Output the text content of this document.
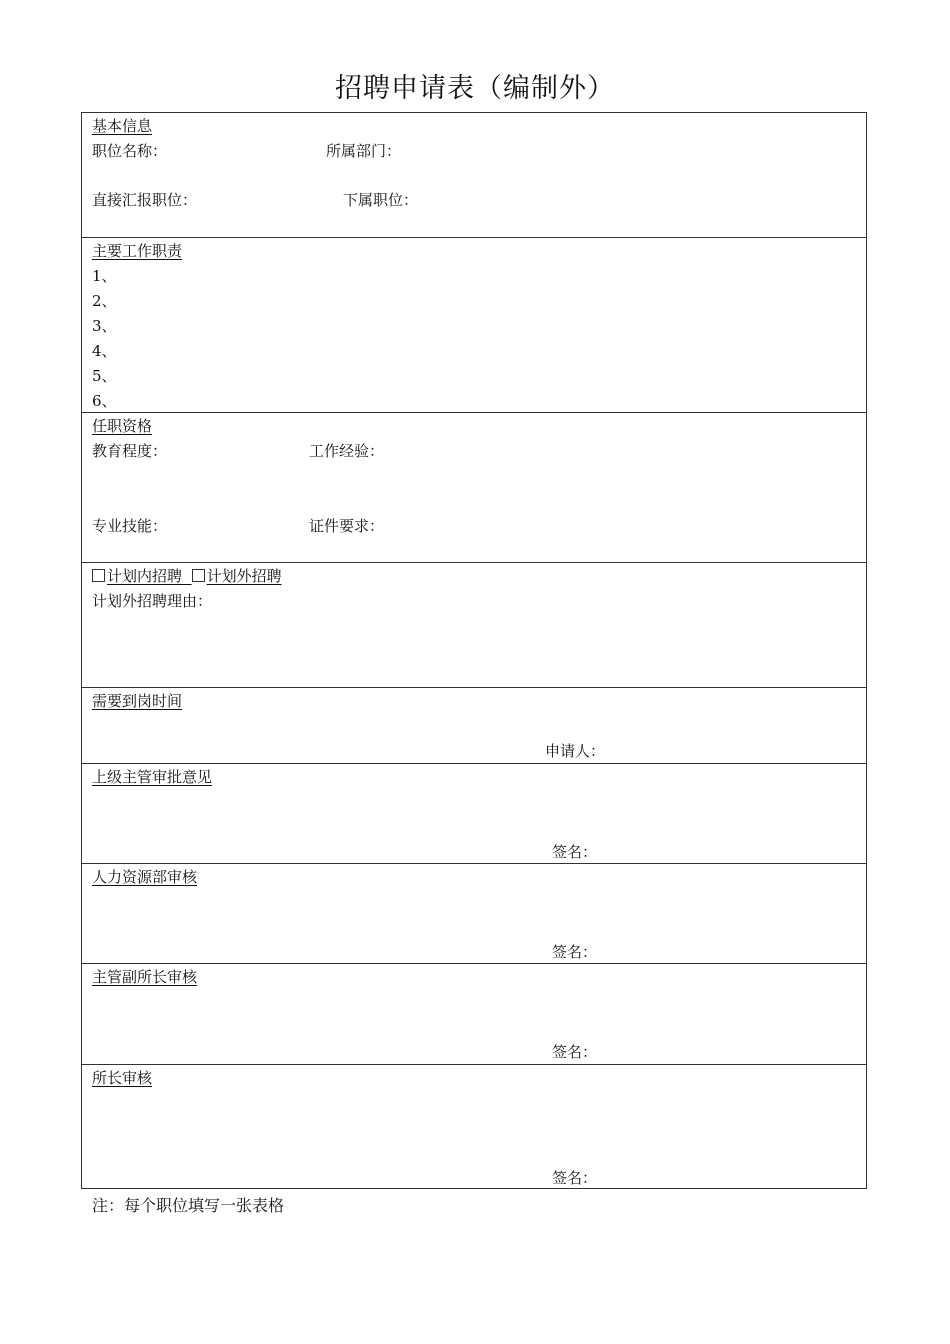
招聘申请表（编制外）
基本信息
职位名称：	所属部门：
直接汇报职位：	下属职位：
主要工作职责
1、
2、
3、
4、
5、
6、
任职资格
教育程度：	工作经验：
专业技能：	证件要求：
计划内招聘 计划外招聘
计划外招聘理由：
需要到岗时间
申请人：
上级主管审批意见
签名：
人力资源部审核
签名：
主管副所长审核
签名：
所长审核
签名：
注：每个职位填写一张表格
